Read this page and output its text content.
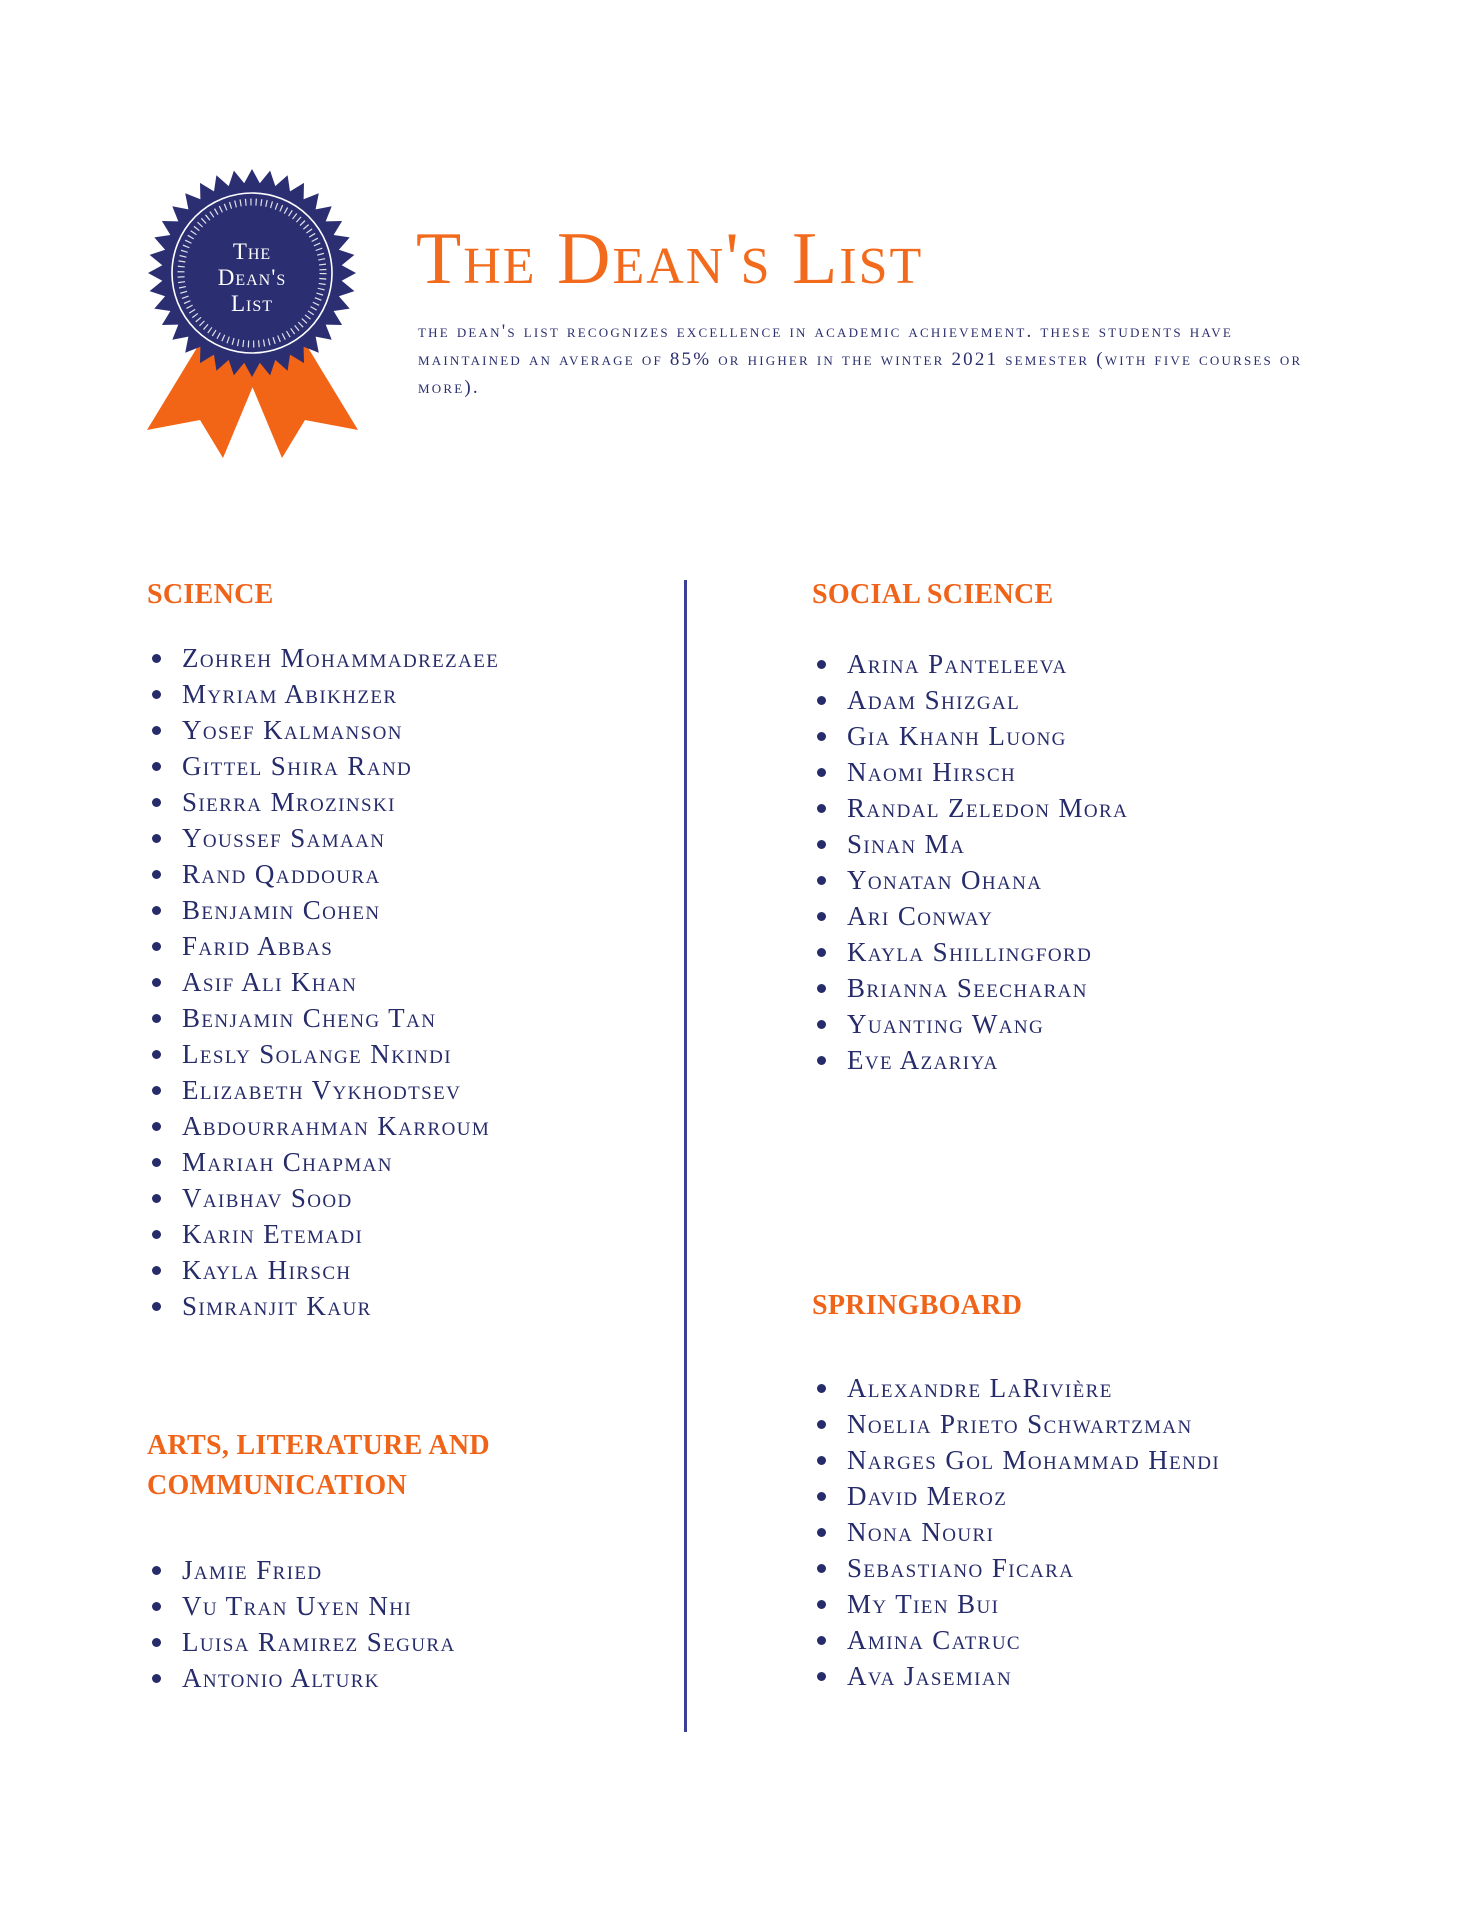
The
Dean's
List
The Dean's List

the dean's list recognizes excellence in academic achievement. these students have maintained an average of 85% or higher in the winter 2021 semester (with five courses or more).

SCIENCE
Zohreh Mohammadrezaee
Myriam Abikhzer
Yosef Kalmanson
Gittel Shira Rand
Sierra Mrozinski
Youssef Samaan
Rand Qaddoura
Benjamin Cohen
Farid Abbas
Asif Ali Khan
Benjamin Cheng Tan
Lesly Solange Nkindi
Elizabeth Vykhodtsev
Abdourrahman Karroum
Mariah Chapman
Vaibhav Sood
Karin Etemadi
Kayla Hirsch
Simranjit Kaur
ARTS, LITERATURE AND
COMMUNICATION
Jamie Fried
Vu Tran Uyen Nhi
Luisa Ramirez Segura
Antonio Alturk
SOCIAL SCIENCE
Arina Panteleeva
Adam Shizgal
Gia Khanh Luong
Naomi Hirsch
Randal Zeledon Mora
Sinan Ma
Yonatan Ohana
Ari Conway
Kayla Shillingford
Brianna Seecharan
Yuanting Wang
Eve Azariya
SPRINGBOARD
Alexandre LaRivière
Noelia Prieto Schwartzman
Narges Gol Mohammad Hendi
David Meroz
Nona Nouri
Sebastiano Ficara
My Tien Bui
Amina Catruc
Ava Jasemian
